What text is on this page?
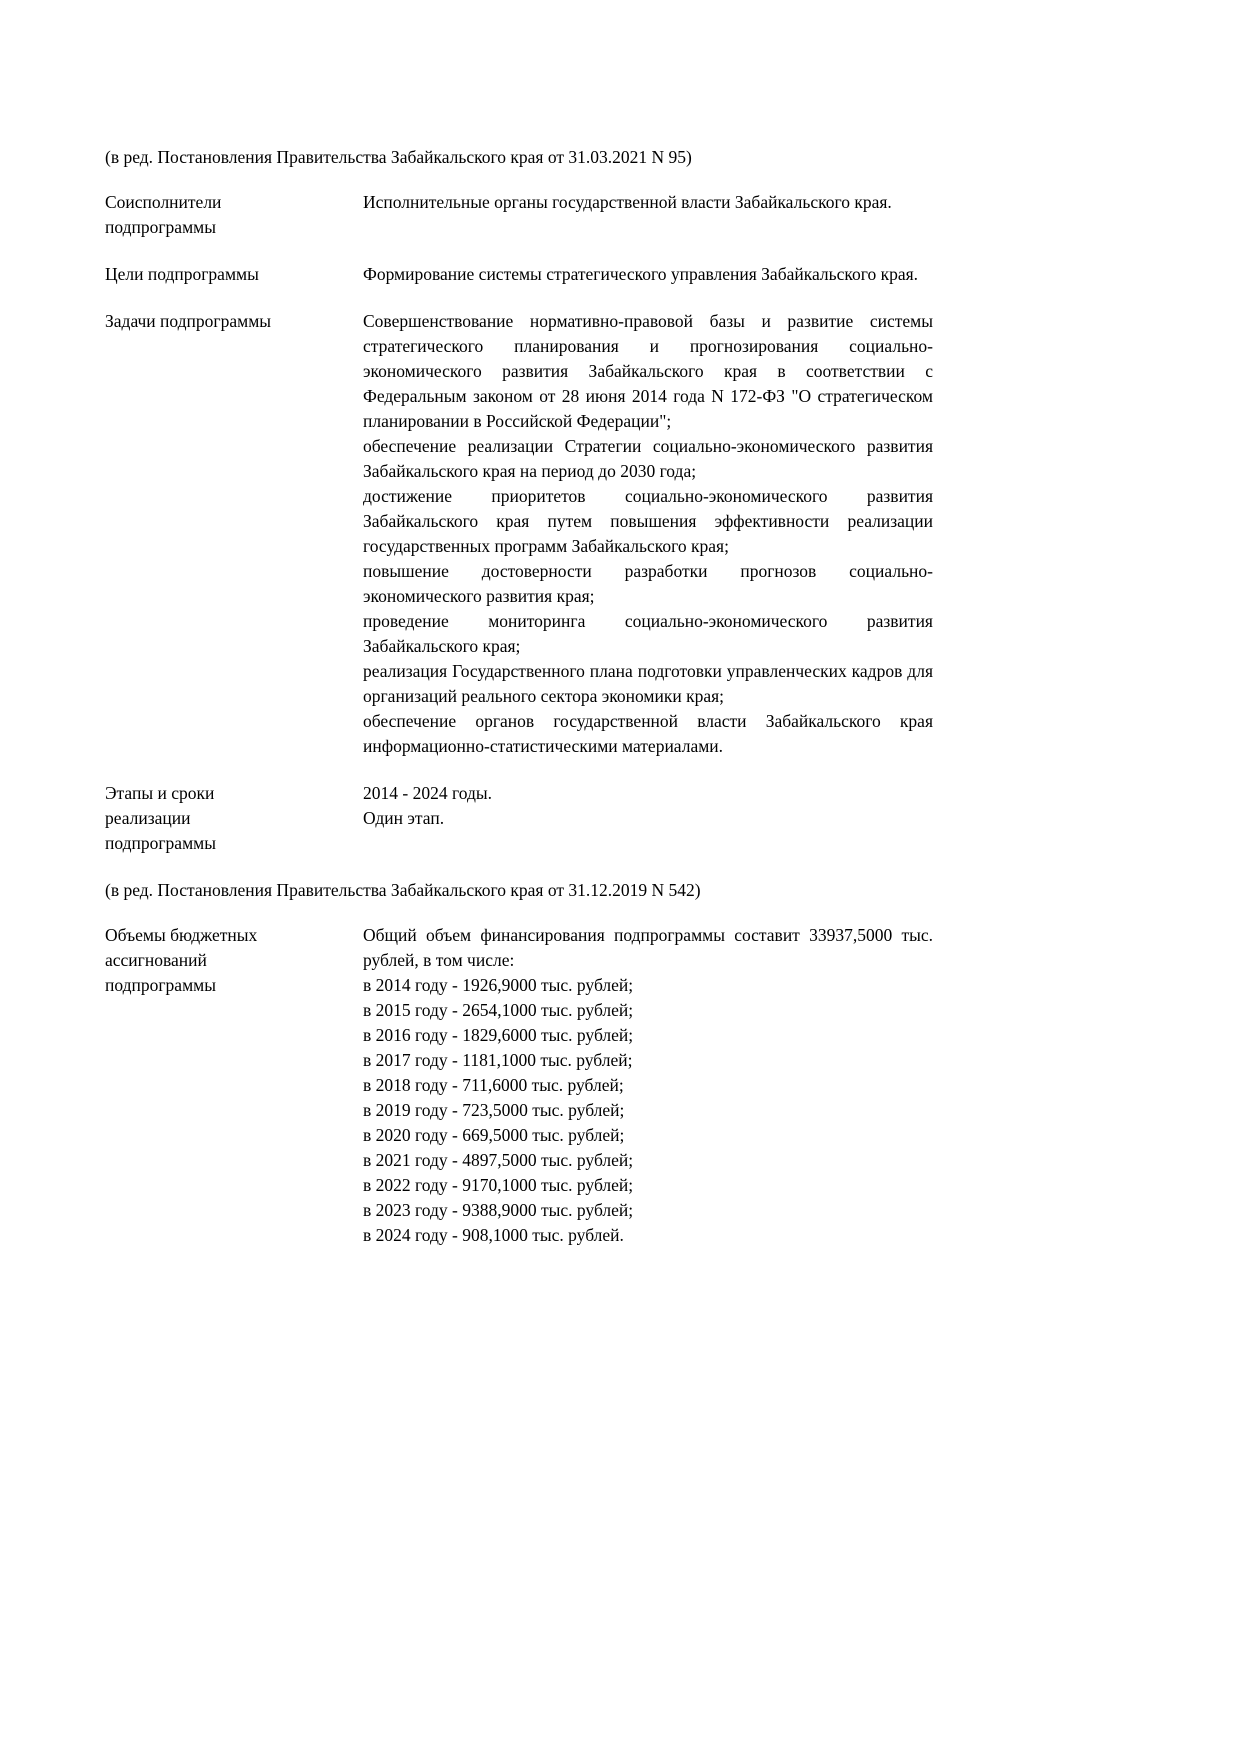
(в ред. Постановления Правительства Забайкальского края от 31.03.2021 N 95)

Соисполнители подпрограммы

Исполнительные органы государственной власти Забайкальского края.

Цели подпрограммы	Формирование системы стратегического управления Забайкальского края.

Задачи подпрограммы	Совершенствование нормативно-правовой базы и развитие системы стратегического планирования и прогнозирования социально-экономического развития Забайкальского края в соответствии с Федеральным законом от 28 июня 2014 года N 172-ФЗ "О стратегическом планировании в Российской Федерации";

обеспечение реализации Стратегии социально-экономического развития Забайкальского края на период до 2030 года;

достижение приоритетов социально-экономического развития Забайкальского края путем повышения эффективности реализации государственных программ Забайкальского края;

повышение достоверности разработки прогнозов социально-экономического развития края;

проведение мониторинга социально-экономического развития Забайкальского края;

реализация Государственного плана подготовки управленческих кадров для организаций реального сектора экономики края;

обеспечение органов государственной власти Забайкальского края информационно-статистическими материалами.

Этапы и сроки реализации подпрограммы

2014 - 2024 годы.

Один этап.

(в ред. Постановления Правительства Забайкальского края от 31.12.2019 N 542)

Объемы бюджетных ассигнований подпрограммы

Общий объем финансирования подпрограммы составит 33937,5000 тыс. рублей, в том числе:

в 2014 году - 1926,9000 тыс. рублей;

в 2015 году - 2654,1000 тыс. рублей;

в 2016 году - 1829,6000 тыс. рублей;

в 2017 году - 1181,1000 тыс. рублей;

в 2018 году - 711,6000 тыс. рублей;

в 2019 году - 723,5000 тыс. рублей;

в 2020 году - 669,5000 тыс. рублей;

в 2021 году - 4897,5000 тыс. рублей;

в 2022 году - 9170,1000 тыс. рублей;

в 2023 году - 9388,9000 тыс. рублей;

в 2024 году - 908,1000 тыс. рублей.
